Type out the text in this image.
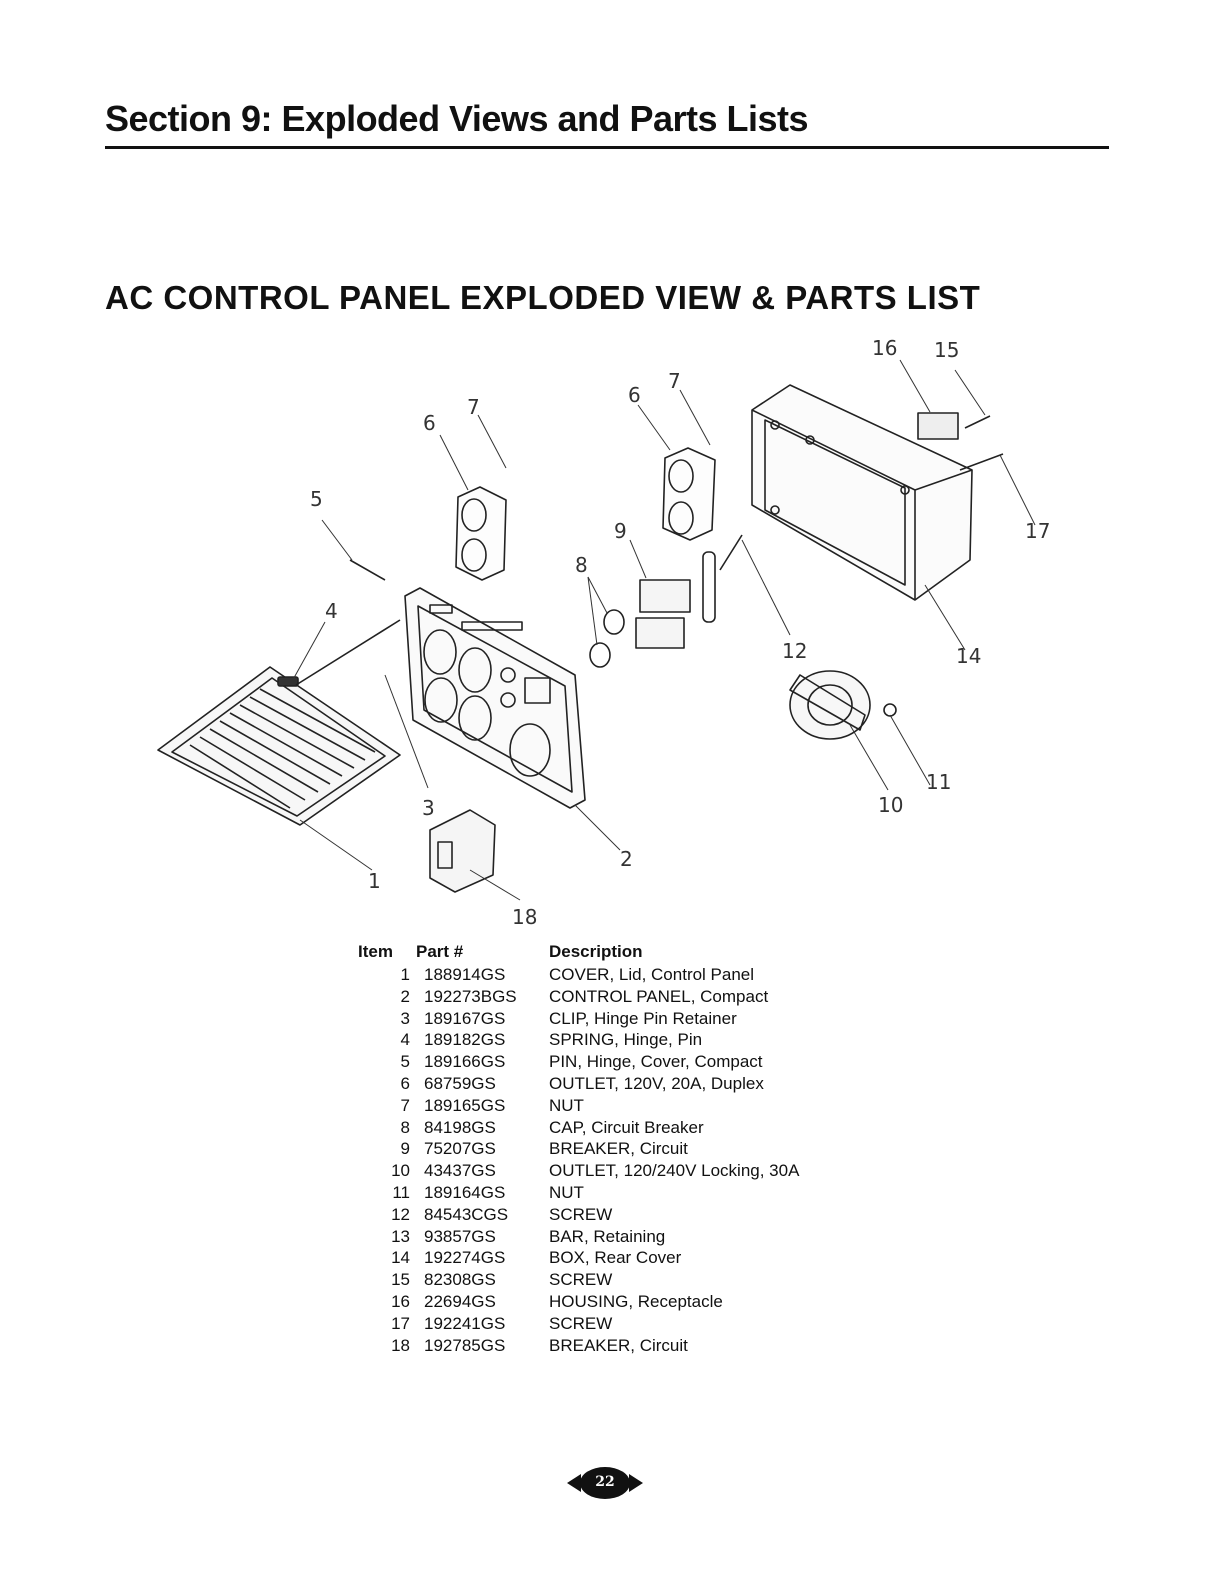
Section 9: Exploded Views and Parts Lists
AC CONTROL PANEL EXPLODED VIEW & PARTS LIST
1
2
3
4
5
6
7	6
7
8
9
10
11
12	14
16 15
17
18
Item	Part #	Description
1	188914GS	COVER, Lid, Control Panel
2	192273BGS	CONTROL PANEL, Compact
3	189167GS	CLIP, Hinge Pin Retainer
4	189182GS	SPRING, Hinge, Pin
5	189166GS	PIN, Hinge, Cover, Compact
6	68759GS	OUTLET, 120V, 20A, Duplex
7	189165GS	NUT
8	84198GS	CAP, Circuit Breaker
9	75207GS	BREAKER, Circuit
10	43437GS	OUTLET, 120/240V Locking, 30A
11	189164GS	NUT
12	84543CGS	SCREW
13	93857GS	BAR, Retaining
14	192274GS	BOX, Rear Cover
15	82308GS	SCREW
16	22694GS	HOUSING, Receptacle
17	192241GS	SCREW
18	192785GS	BREAKER, Circuit
22
